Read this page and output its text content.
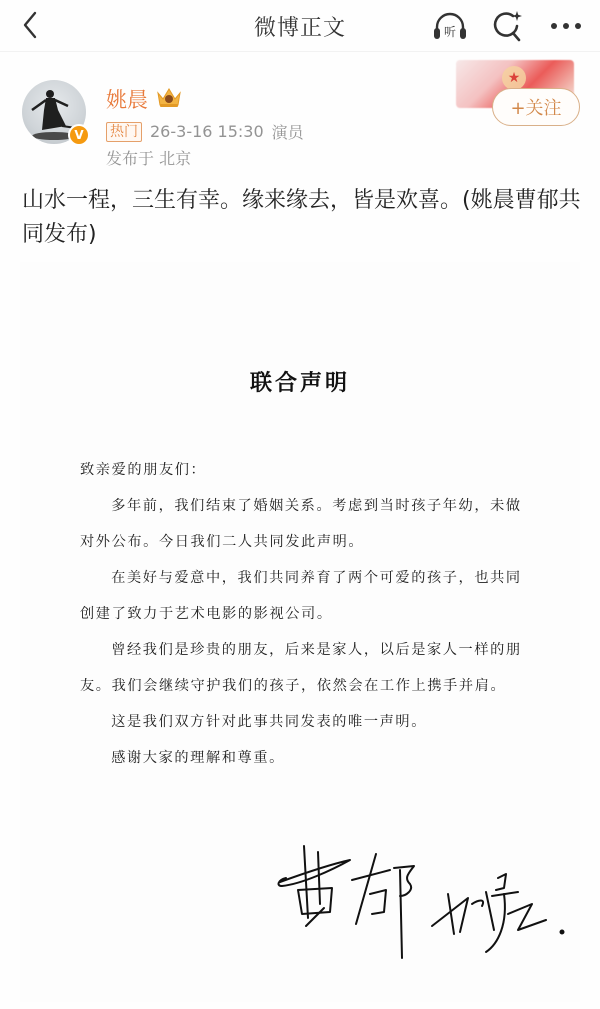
微博正文	听
★
V
姚晨
热门 26-3-16 15:30 演员
发布于 北京
+关注
山水一程，三生有幸。缘来缘去，皆是欢喜。(姚晨曹郁共同发布)
联合声明

致亲爱的朋友们：

多年前，我们结束了婚姻关系。考虑到当时孩子年幼，未做对外公布。今日我们二人共同发此声明。

在美好与爱意中，我们共同养育了两个可爱的孩子，也共同创建了致力于艺术电影的影视公司。

曾经我们是珍贵的朋友，后来是家人，以后是家人一样的朋友。我们会继续守护我们的孩子，依然会在工作上携手并肩。

这是我们双方针对此事共同发表的唯一声明。

感谢大家的理解和尊重。
